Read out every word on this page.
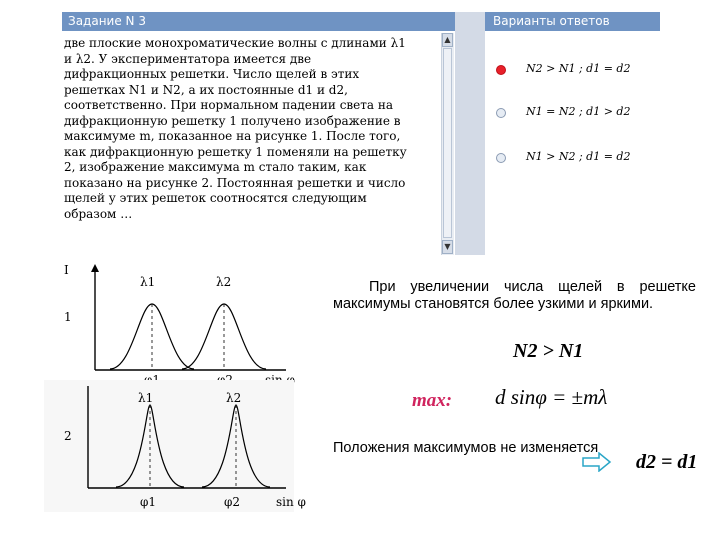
Задание N 3
две плоские монохроматические волны с длинами λ1
и λ2. У экспериментатора имеется две
дифракционных решетки. Число щелей в этих
решетках N1 и N2, а их постоянные d1 и d2,
соответственно. При нормальном падении света на
дифракционную решетку 1 получено изображение в
максимуме m, показанное на рисунке 1. После того,
как дифракционную решетку 1 поменяли на решетку
2, изображение максимума m стало таким, как
показано на рисунке 2. Постоянная решетки и число
щелей у этих решеток соотносятся следующим
образом …
▲
▼
Варианты ответов
N2 > N1 ; d1 = d2
N1 = N2 ; d1 > d2
N1 > N2 ; d1 = d2
I
1
λ1	λ2
2
λ1	λ2
φ1	φ2	sin φ
При увеличении числа щелей в решетке максимумы становятся более узкими и яркими.
N2 > N1
max: d sinφ = ±mλ
Положения максимумов не изменяется
d2 = d1
